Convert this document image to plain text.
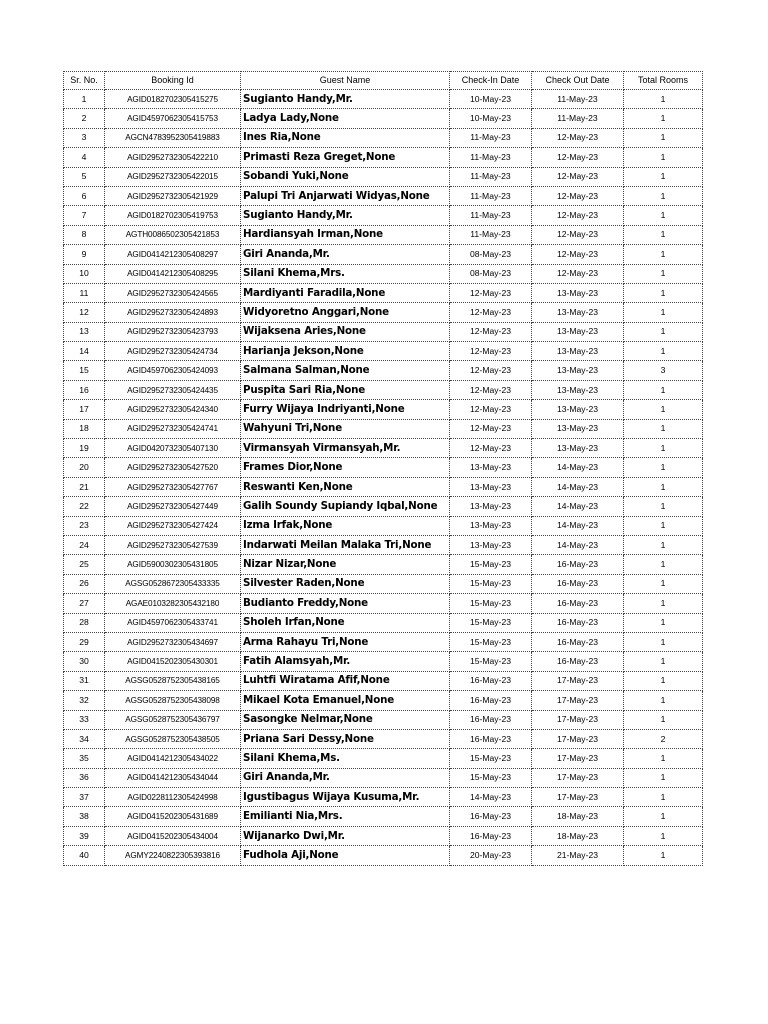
Sr. No.	Booking Id	Guest Name	Check-In Date	Check Out Date	Total Rooms
1	AGID0182702305415275	Sugianto Handy,Mr.	10-May-23	11-May-23	1
2	AGID4597062305415753	Ladya Lady,None	10-May-23	11-May-23	1
3	AGCN4783952305419883	Ines Ria,None	11-May-23	12-May-23	1
4	AGID2952732305422210	Primasti Reza Greget,None	11-May-23	12-May-23	1
5	AGID2952732305422015	Sobandi Yuki,None	11-May-23	12-May-23	1
6	AGID2952732305421929	Palupi Tri Anjarwati Widyas,None	11-May-23	12-May-23	1
7	AGID0182702305419753	Sugianto Handy,Mr.	11-May-23	12-May-23	1
8	AGTH0086502305421853	Hardiansyah Irman,None	11-May-23	12-May-23	1
9	AGID0414212305408297	Giri Ananda,Mr.	08-May-23	12-May-23	1
10	AGID0414212305408295	Silani Khema,Mrs.	08-May-23	12-May-23	1
11	AGID2952732305424565	Mardiyanti Faradila,None	12-May-23	13-May-23	1
12	AGID2952732305424893	Widyoretno Anggari,None	12-May-23	13-May-23	1
13	AGID2952732305423793	Wijaksena Aries,None	12-May-23	13-May-23	1
14	AGID2952732305424734	Harianja Jekson,None	12-May-23	13-May-23	1
15	AGID4597062305424093	Salmana Salman,None	12-May-23	13-May-23	3
16	AGID2952732305424435	Puspita Sari Ria,None	12-May-23	13-May-23	1
17	AGID2952732305424340	Furry Wijaya Indriyanti,None	12-May-23	13-May-23	1
18	AGID2952732305424741	Wahyuni Tri,None	12-May-23	13-May-23	1
19	AGID0420732305407130	Virmansyah Virmansyah,Mr.	12-May-23	13-May-23	1
20	AGID2952732305427520	Frames Dior,None	13-May-23	14-May-23	1
21	AGID2952732305427767	Reswanti Ken,None	13-May-23	14-May-23	1
22	AGID2952732305427449	Galih Soundy Supiandy Iqbal,None	13-May-23	14-May-23	1
23	AGID2952732305427424	Izma Irfak,None	13-May-23	14-May-23	1
24	AGID2952732305427539	Indarwati Meilan Malaka Tri,None	13-May-23	14-May-23	1
25	AGID5900302305431805	Nizar Nizar,None	15-May-23	16-May-23	1
26	AGSG0528672305433335	Silvester Raden,None	15-May-23	16-May-23	1
27	AGAE0103282305432180	Budianto Freddy,None	15-May-23	16-May-23	1
28	AGID4597062305433741	Sholeh Irfan,None	15-May-23	16-May-23	1
29	AGID2952732305434697	Arma Rahayu Tri,None	15-May-23	16-May-23	1
30	AGID0415202305430301	Fatih Alamsyah,Mr.	15-May-23	16-May-23	1
31	AGSG0528752305438165	Luhtfi Wiratama Afif,None	16-May-23	17-May-23	1
32	AGSG0528752305438098	Mikael Kota Emanuel,None	16-May-23	17-May-23	1
33	AGSG0528752305436797	Sasongke Nelmar,None	16-May-23	17-May-23	1
34	AGSG0528752305438505	Priana Sari Dessy,None	16-May-23	17-May-23	2
35	AGID0414212305434022	Silani Khema,Ms.	15-May-23	17-May-23	1
36	AGID0414212305434044	Giri Ananda,Mr.	15-May-23	17-May-23	1
37	AGID0228112305424998	Igustibagus Wijaya Kusuma,Mr.	14-May-23	17-May-23	1
38	AGID0415202305431689	Emilianti Nia,Mrs.	16-May-23	18-May-23	1
39	AGID0415202305434004	Wijanarko Dwi,Mr.	16-May-23	18-May-23	1
40	AGMY2240822305393816	Fudhola Aji,None	20-May-23	21-May-23	1
